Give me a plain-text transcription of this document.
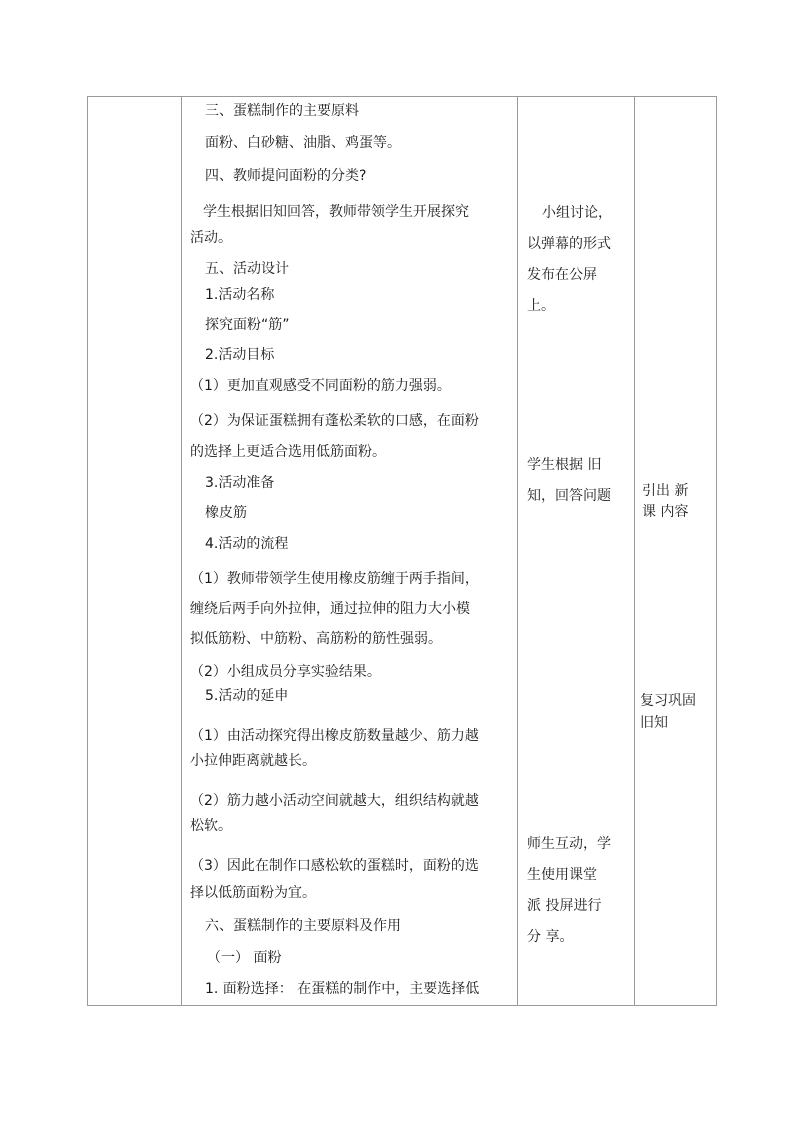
三、蛋糕制作的主要原料
面粉、白砂糖、油脂、鸡蛋等。
四、教师提问面粉的分类?
学生根据旧知回答，教师带领学生开展探究
活动。
五、活动设计
1.活动名称
探究面粉“筋”
2.活动目标
（1）更加直观感受不同面粉的筋力强弱。
（2）为保证蛋糕拥有蓬松柔软的口感，在面粉
的选择上更适合选用低筋面粉。
3.活动准备
橡皮筋
4.活动的流程
（1）教师带领学生使用橡皮筋缠于两手指间，
缠绕后两手向外拉伸，通过拉伸的阻力大小模
拟低筋粉、中筋粉、高筋粉的筋性强弱。
（2）小组成员分享实验结果。
5.活动的延申
（1）由活动探究得出橡皮筋数量越少、筋力越
小拉伸距离就越长。
（2）筋力越小活动空间就越大，组织结构就越
松软。
（3）因此在制作口感松软的蛋糕时，面粉的选
择以低筋面粉为宜。
六、蛋糕制作的主要原料及作用
（一） 面粉
1. 面粉选择： 在蛋糕的制作中，主要选择低
小组讨论，
以弹幕的形式
发布在公屏
上。
学生根据 旧
知，回答问题
师生互动，学
生使用课堂
派 投屏进行
分 享。
引出 新
课 内容
复习巩固
旧知
